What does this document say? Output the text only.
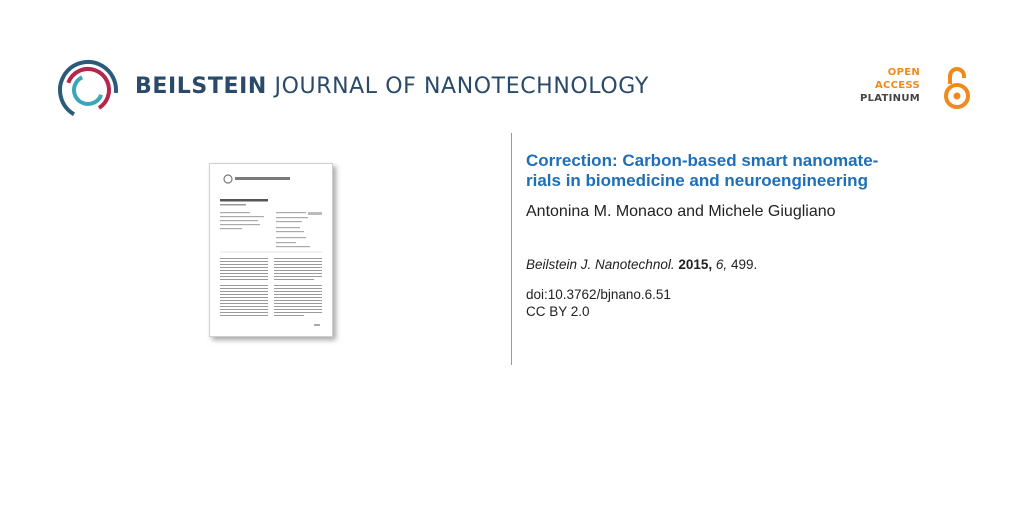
BEILSTEIN JOURNAL OF NANOTECHNOLOGY
OPEN
ACCESS
PLATINUM
Correction: Carbon-based smart nanomate-
rials in biomedicine and neuroengineering
Antonina M. Monaco and Michele Giugliano
Beilstein J. Nanotechnol. 2015, 6, 499.
doi:10.3762/bjnano.6.51
CC BY 2.0
